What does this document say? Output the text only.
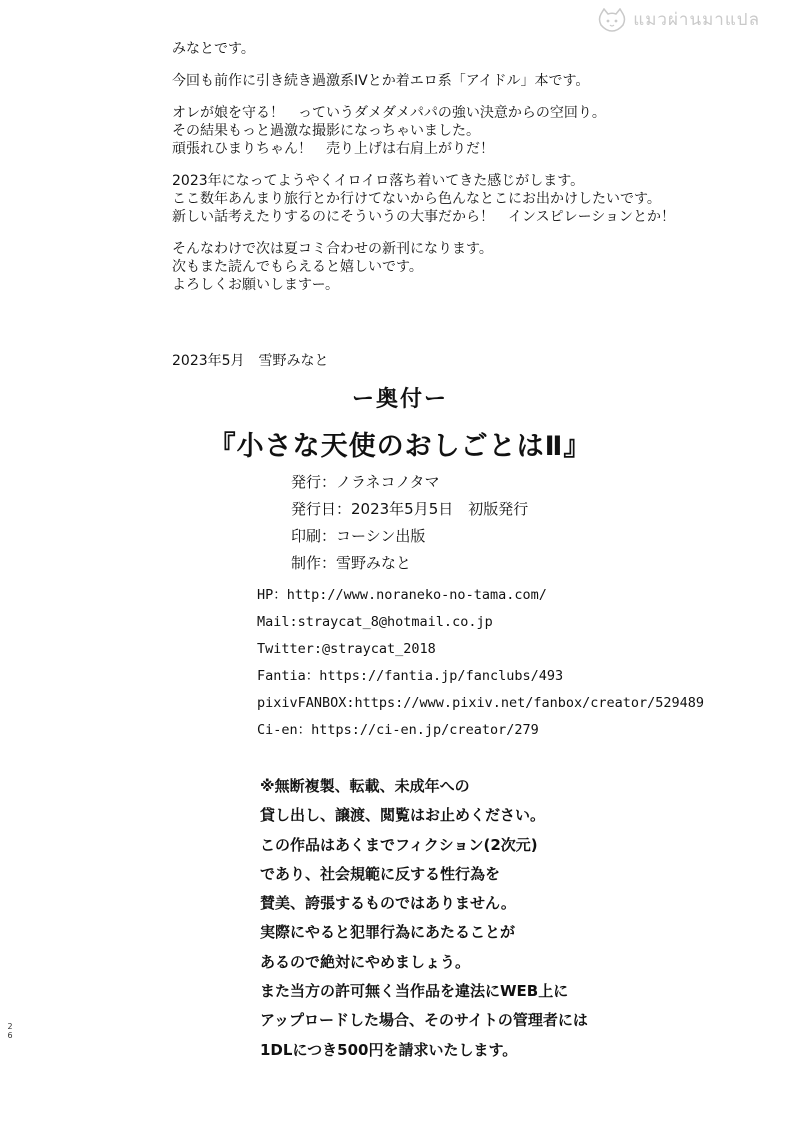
แมวผ่านมาแปล
みなとです。
今回も前作に引き続き過激系IVとか着エロ系「アイドル」本です。
オレが娘を守る！　っていうダメダメパパの強い決意からの空回り。
その結果もっと過激な撮影になっちゃいました。
頑張れひまりちゃん！　売り上げは右肩上がりだ！
2023年になってようやくイロイロ落ち着いてきた感じがします。
ここ数年あんまり旅行とか行けてないから色んなとこにお出かけしたいです。
新しい話考えたりするのにそういうの大事だから！　インスピレーションとか！
そんなわけで次は夏コミ合わせの新刊になります。
次もまた読んでもらえると嬉しいです。
よろしくお願いしますー。
2023年5月　雪野みなと
ー奥付ー
『小さな天使のおしごとはⅡ』
発行：ノラネコノタマ
発行日：2023年5月5日　初版発行
印刷：コーシン出版
制作：雪野みなと
HP：http://www.noraneko-no-tama.com/
Mail:straycat_8@hotmail.co.jp
Twitter:@straycat_2018
Fantia：https://fantia.jp/fanclubs/493
pixivFANBOX:https://www.pixiv.net/fanbox/creator/529489
Ci-en：https://ci-en.jp/creator/279
※無断複製、転載、未成年への
貸し出し、譲渡、閲覧はお止めください。
この作品はあくまでフィクション(2次元)
であり、社会規範に反する性行為を
賛美、誇張するものではありません。
実際にやると犯罪行為にあたることが
あるので絶対にやめましょう。
また当方の許可無く当作品を違法にWEB上に
アップロードした場合、そのサイトの管理者には
1DLにつき500円を請求いたします。
2
6
